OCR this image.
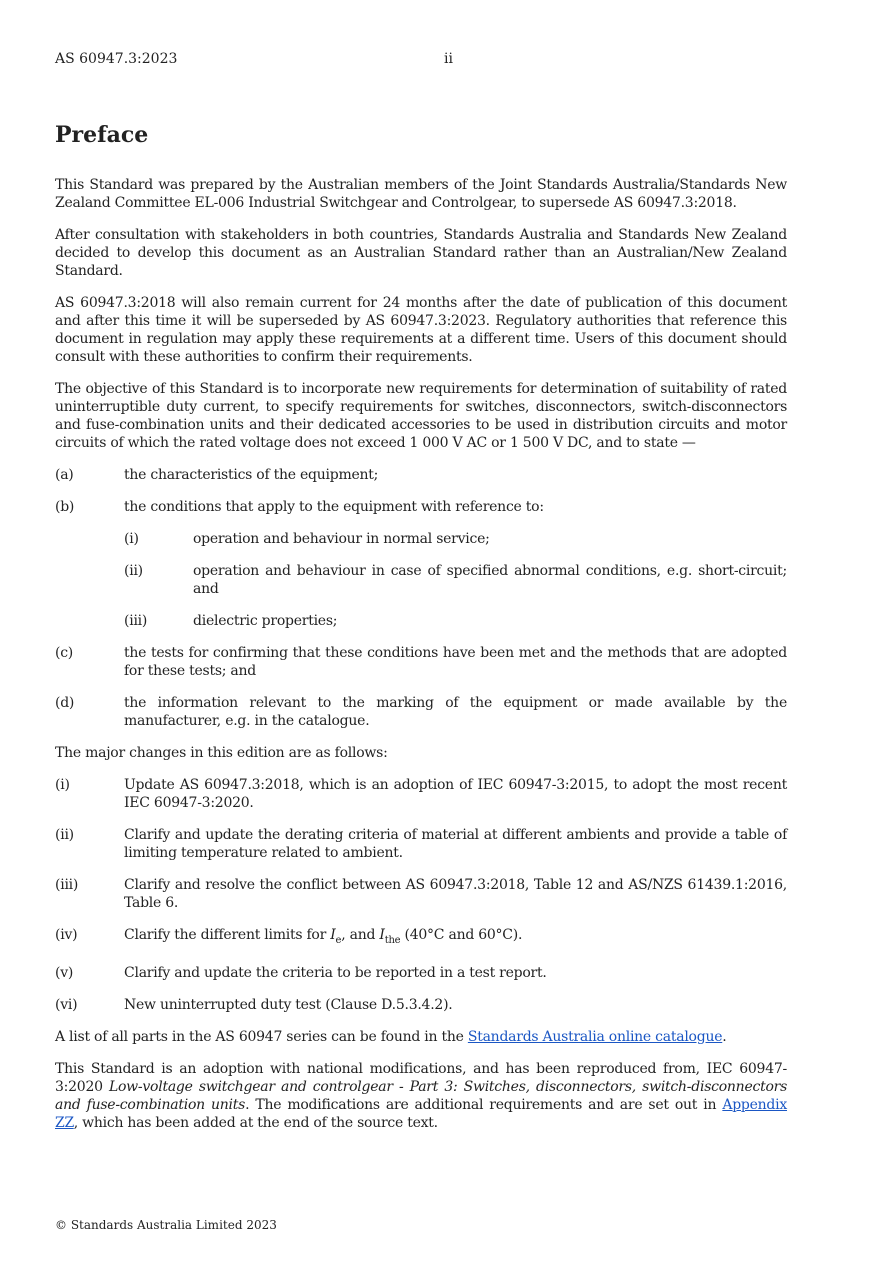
AS 60947.3:2023	ii
Preface

This Standard was prepared by the Australian members of the Joint Standards Australia/Standards New Zealand Committee EL-006 Industrial Switchgear and Controlgear, to supersede AS 60947.3:2018.

After consultation with stakeholders in both countries, Standards Australia and Standards New Zealand decided to develop this document as an Australian Standard rather than an Australian/New Zealand Standard.

AS 60947.3:2018 will also remain current for 24 months after the date of publication of this document and after this time it will be superseded by AS 60947.3:2023. Regulatory authorities that reference this document in regulation may apply these requirements at a different time. Users of this document should consult with these authorities to confirm their requirements.

The objective of this Standard is to incorporate new requirements for determination of suitability of rated uninterruptible duty current, to specify requirements for switches, disconnectors, switch-disconnectors and fuse-combination units and their dedicated accessories to be used in distribution circuits and motor circuits of which the rated voltage does not exceed 1 000 V AC or 1 500 V DC, and to state —

(a)	the characteristics of the equipment;
(b)	the conditions that apply to the equipment with reference to:
(i)	operation and behaviour in normal service;
(ii)	operation and behaviour in case of specified abnormal conditions, e.g. short-circuit; and
(iii)	dielectric properties;
(c)	the tests for confirming that these conditions have been met and the methods that are adopted for these tests; and
(d)	the information relevant to the marking of the equipment or made available by the manufacturer, e.g. in the catalogue.

The major changes in this edition are as follows:

(i)	Update AS 60947.3:2018, which is an adoption of IEC 60947-3:2015, to adopt the most recent IEC 60947-3:2020.
(ii)	Clarify and update the derating criteria of material at different ambients and provide a table of limiting temperature related to ambient.
(iii)	Clarify and resolve the conflict between AS 60947.3:2018, Table 12 and AS/NZS 61439.1:2016, Table 6.
(iv)	Clarify the different limits for $I_e$, and $I_{the}$ (40°C and 60°C).
(v)	Clarify and update the criteria to be reported in a test report.
(vi)	New uninterrupted duty test (Clause D.5.3.4.2).

A list of all parts in the AS 60947 series can be found in the Standards Australia online catalogue.

This Standard is an adoption with national modifications, and has been reproduced from, IEC 60947-3:2020 Low-voltage switchgear and controlgear - Part 3: Switches, disconnectors, switch-disconnectors and fuse-combination units. The modifications are additional requirements and are set out in Appendix ZZ, which has been added at the end of the source text.

© Standards Australia Limited 2023
